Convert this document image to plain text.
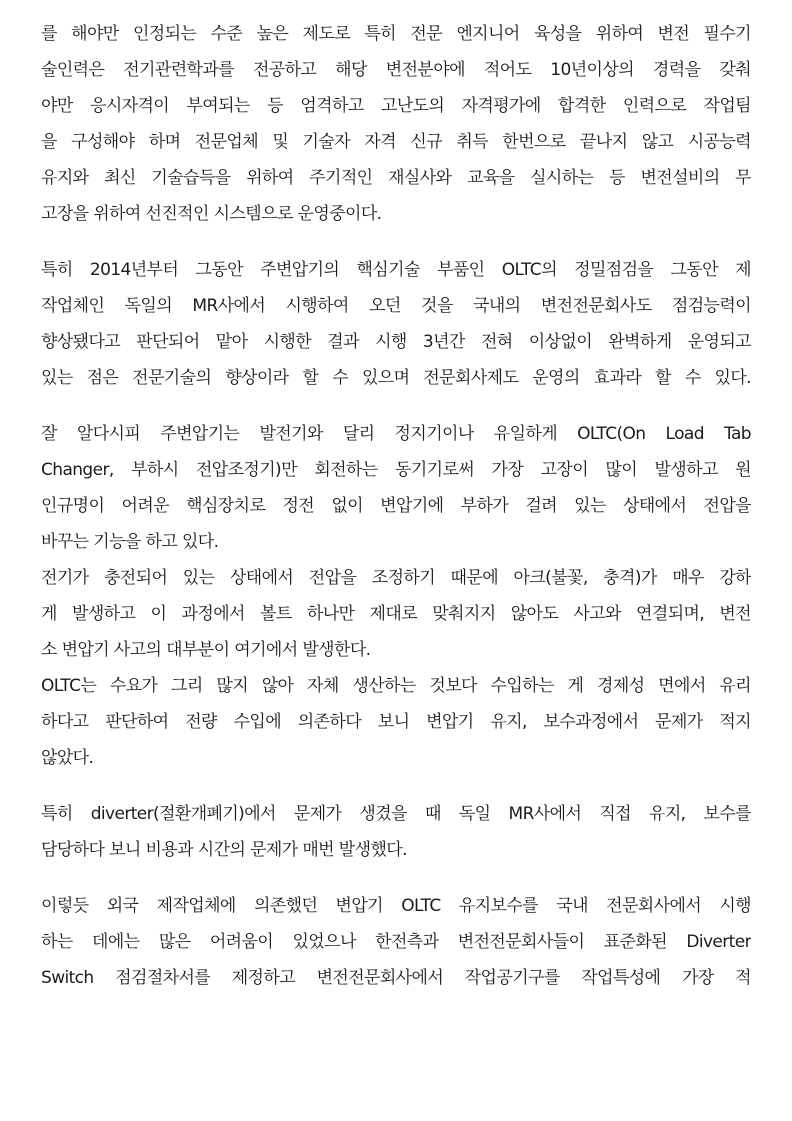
를 해야만 인정되는 수준 높은 제도로 특히 전문 엔지니어 육성을 위하여 변전 필수기
술인력은 전기관련학과를 전공하고 해당 변전분야에 적어도 10년이상의 경력을 갖춰
야만 응시자격이 부여되는 등 엄격하고 고난도의 자격평가에 합격한 인력으로 작업팀
을 구성해야 하며 전문업체 및 기술자 자격 신규 취득 한번으로 끝나지 않고 시공능력
유지와 최신 기술습득을 위하여 주기적인 재실사와 교육을 실시하는 등 변전설비의 무
고장을 위하여 선진적인 시스템으로 운영중이다.
특히 2014년부터 그동안 주변압기의 핵심기술 부품인 OLTC의 정밀점검을 그동안 제
작업체인 독일의 MR사에서 시행하여 오던 것을 국내의 변전전문회사도 점검능력이
향상됐다고 판단되어 맡아 시행한 결과 시행 3년간 전혀 이상없이 완벽하게 운영되고
있는 점은 전문기술의 향상이라 할 수 있으며 전문회사제도 운영의 효과라 할 수 있다.
잘 알다시피 주변압기는 발전기와 달리 정지기이나 유일하게 OLTC(On Load Tab
Changer, 부하시 전압조정기)만 회전하는 동기기로써 가장 고장이 많이 발생하고 원
인규명이 어려운 핵심장치로 정전 없이 변압기에 부하가 걸려 있는 상태에서 전압을
바꾸는 기능을 하고 있다.
전기가 충전되어 있는 상태에서 전압을 조정하기 때문에 아크(불꽃, 충격)가 매우 강하
게 발생하고 이 과정에서 볼트 하나만 제대로 맞춰지지 않아도 사고와 연결되며, 변전
소 변압기 사고의 대부분이 여기에서 발생한다.
OLTC는 수요가 그리 많지 않아 자체 생산하는 것보다 수입하는 게 경제성 면에서 유리
하다고 판단하여 전량 수입에 의존하다 보니 변압기 유지, 보수과정에서 문제가 적지
않았다.
특히 diverter(절환개폐기)에서 문제가 생겼을 때 독일 MR사에서 직접 유지, 보수를
담당하다 보니 비용과 시간의 문제가 매번 발생했다.
이렇듯 외국 제작업체에 의존했던 변압기 OLTC 유지보수를 국내 전문회사에서 시행
하는 데에는 많은 어려움이 있었으나 한전측과 변전전문회사들이 표준화된 Diverter
Switch 점검절차서를 제정하고 변전전문회사에서 작업공기구를 작업특성에 가장 적
